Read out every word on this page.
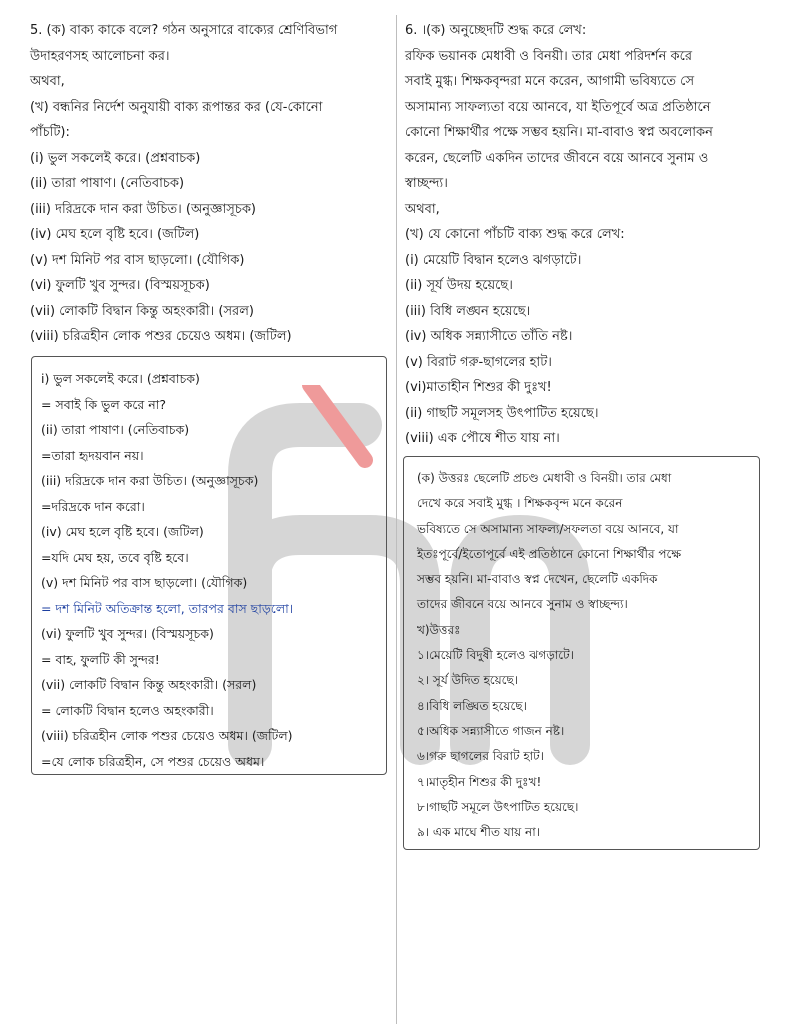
5. (ক) বাক্য কাকে বলে? গঠন অনুসারে বাক্যের শ্রেণিবিভাগ
উদাহরণসহ আলোচনা কর।
অথবা,
(খ) বন্ধনির নির্দেশ অনুযায়ী বাক্য রূপান্তর কর (যে-কোনো
পাঁচটি):
(i) ভুল সকলেই করে। (প্রশ্নবাচক)
(ii) তারা পাষাণ। (নেতিবাচক)
(iii) দরিদ্রকে দান করা উচিত। (অনুজ্ঞাসূচক)
(iv) মেঘ হলে বৃষ্টি হবে। (জটিল)
(v) দশ মিনিট পর বাস ছাড়লো। (যৌগিক)
(vi) ফুলটি খুব সুন্দর। (বিস্ময়সূচক)
(vii) লোকটি বিদ্বান কিন্তু অহংকারী। (সরল)
(viii) চরিত্রহীন লোক পশুর চেয়েও অধম। (জটিল)
i) ভুল সকলেই করে। (প্রশ্নবাচক)
= সবাই কি ভুল করে না?
(ii) তারা পাষাণ। (নেতিবাচক)
=তারা হৃদয়বান নয়।
(iii) দরিদ্রকে দান করা উচিত। (অনুজ্ঞাসূচক)
=দরিদ্রকে দান করো।
(iv) মেঘ হলে বৃষ্টি হবে। (জটিল)
=যদি মেঘ হয়, তবে বৃষ্টি হবে।
(v) দশ মিনিট পর বাস ছাড়লো। (যৌগিক)
= দশ মিনিট অতিক্রান্ত হলো, তারপর বাস ছাড়লো।
(vi) ফুলটি খুব সুন্দর। (বিস্ময়সূচক)
= বাহ, ফুলটি কী সুন্দর!
(vii) লোকটি বিদ্বান কিন্তু অহংকারী। (সরল)
= লোকটি বিদ্বান হলেও অহংকারী।
(viii) চরিত্রহীন লোক পশুর চেয়েও অধম। (জটিল)
=যে লোক চরিত্রহীন, সে পশুর চেয়েও অধম।
6. ।(ক) অনুচ্ছেদটি শুদ্ধ করে লেখ:
রফিক ভয়ানক মেধাবী ও বিনয়ী। তার মেধা পরিদর্শন করে
সবাই মুগ্ধ। শিক্ষকবৃন্দরা মনে করেন, আগামী ভবিষ্যতে সে
অসামান্য সাফল্যতা বয়ে আনবে, যা ইতিপূর্বে অত্র প্রতিষ্ঠানে
কোনো শিক্ষার্থীর পক্ষে সম্ভব হয়নি। মা-বাবাও স্বপ্ন অবলোকন
করেন, ছেলেটি একদিন তাদের জীবনে বয়ে আনবে সুনাম ও
স্বাচ্ছন্দ্য।
অথবা,
(খ) যে কোনো পাঁচটি বাক্য শুদ্ধ করে লেখ:
(i) মেয়েটি বিদ্বান হলেও ঝগড়াটে।
(ii) সূর্য উদয় হয়েছে।
(iii) বিধি লঙ্ঘন হয়েছে।
(iv) অধিক সন্ন্যাসীতে তাঁতি নষ্ট।
(v) বিরাট গরু-ছাগলের হাট।
(vi)মাতাহীন শিশুর কী দুঃখ!
(ii) গাছটি সমূলসহ উৎপাটিত হয়েছে।
(viii) এক পৌষে শীত যায় না।
(ক) উত্তরঃ ছেলেটি প্রচণ্ড মেধাবী ও বিনয়ী। তার মেধা
দেখে করে সবাই মুগ্ধ । শিক্ষকবৃন্দ মনে করেন
ভবিষ্যতে সে অসামান্য সাফল্য/সফলতা বয়ে আনবে, যা
ইতঃপূর্বে/ইতোপূর্বে এই প্রতিষ্ঠানে কোনো শিক্ষার্থীর পক্ষে
সম্ভব হয়নি। মা-বাবাও স্বপ্ন দেখেন, ছেলেটি একদিক
তাদের জীবনে বয়ে আনবে সুনাম ও স্বাচ্ছন্দ্য।
খ)উত্তরঃ
১।মেয়েটি বিদুষী হলেও ঝগড়াটে।
২। সূর্য উদিত হয়েছে।
৪।বিধি লঙ্ঘিত হয়েছে।
৫।অধিক সন্ন্যাসীতে গাজন নষ্ট।
৬।গরু ছাগলের বিরাট হাট।
৭।মাতৃহীন শিশুর কী দুঃখ!
৮।গাছটি সমূলে উৎপাটিত হয়েছে।
৯। এক মাঘে শীত যায় না।
